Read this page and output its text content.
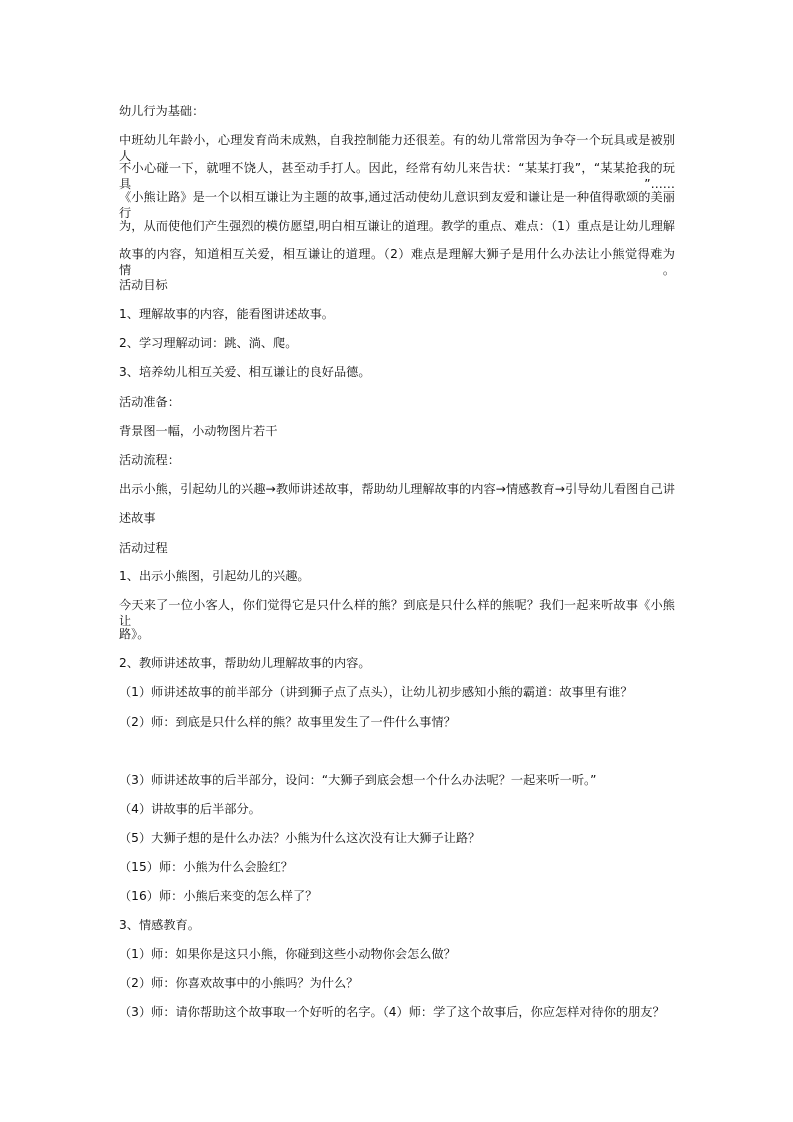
幼儿行为基础：
中班幼儿年龄小，心理发育尚未成熟，自我控制能力还很差。有的幼儿常常因为争夺一个玩具或是被别人
不小心碰一下，就哩不饶人，甚至动手打人。因此，经常有幼儿来告状：“某某打我”，“某某抢我的玩具”……
《小熊让路》是一个以相互谦让为主题的故事,通过活动使幼儿意识到友爱和谦让是一种值得歌颂的美丽行
为，从而使他们产生强烈的模仿愿望,明白相互谦让的道理。教学的重点、难点：（1）重点是让幼儿理解
故事的内容，知道相互关爱，相互谦让的道理。（2）难点是理解大狮子是用什么办法让小熊觉得难为情。
活动目标
1、理解故事的内容，能看图讲述故事。
2、学习理解动词：跳、淌、爬。
3、培养幼儿相互关爱、相互谦让的良好品德。
活动准备：
背景图一幅，小动物图片若干
活动流程：
出示小熊，引起幼儿的兴趣→教师讲述故事，帮助幼儿理解故事的内容→情感教育→引导幼儿看图自己讲
述故事
活动过程
1、出示小熊图，引起幼儿的兴趣。
今天来了一位小客人，你们觉得它是只什么样的熊？到底是只什么样的熊呢？我们一起来听故事《小熊让
路》。
2、教师讲述故事，帮助幼儿理解故事的内容。
（1）师讲述故事的前半部分（讲到狮子点了点头），让幼儿初步感知小熊的霸道：故事里有谁？
（2）师：到底是只什么样的熊？故事里发生了一件什么事情？
（3）师讲述故事的后半部分，设问：“大狮子到底会想一个什么办法呢？一起来听一听。”
（4）讲故事的后半部分。
（5）大狮子想的是什么办法？小熊为什么这次没有让大狮子让路？
（15）师：小熊为什么会脸红？
（16）师：小熊后来变的怎么样了？
3、情感教育。
（1）师：如果你是这只小熊，你碰到这些小动物你会怎么做？
（2）师：你喜欢故事中的小熊吗？为什么？
（3）师：请你帮助这个故事取一个好听的名字。（4）师：学了这个故事后，你应怎样对待你的朋友？
